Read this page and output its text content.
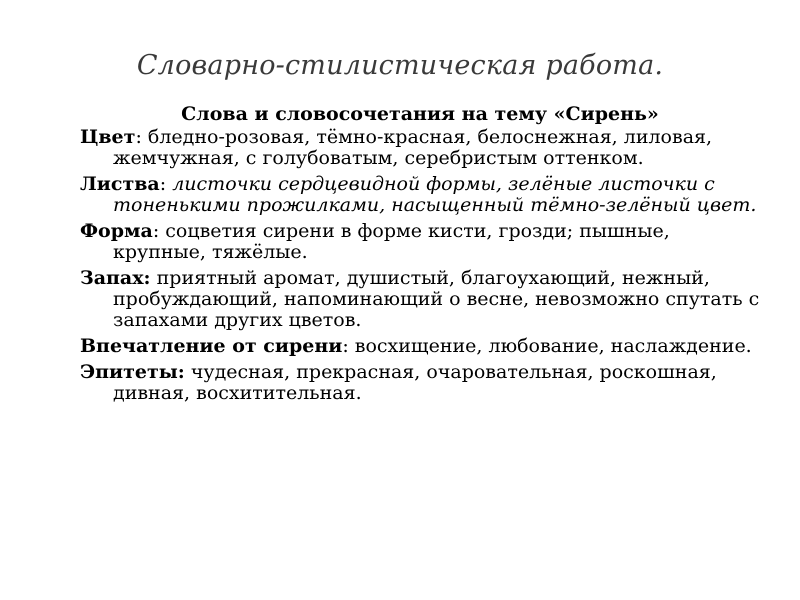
Словарно-стилистическая работа.
Слова и словосочетания на тему «Сирень»
Цвет: бледно-розовая, тёмно-красная, белоснежная, лиловая, жемчужная, с голубоватым, серебристым оттенком.
Листва: листочки сердцевидной формы, зелёные листочки с тоненькими прожилками, насыщенный тёмно-зелёный цвет.
Форма: соцветия сирени в форме кисти, грозди; пышные, крупные, тяжёлые.
Запах: приятный аромат, душистый, благоухающий, нежный, пробуждающий, напоминающий о весне, невозможно спутать с запахами других цветов.
Впечатление от сирени: восхищение, любование, наслаждение.
Эпитеты: чудесная, прекрасная, очаровательная, роскошная, дивная, восхитительная.
